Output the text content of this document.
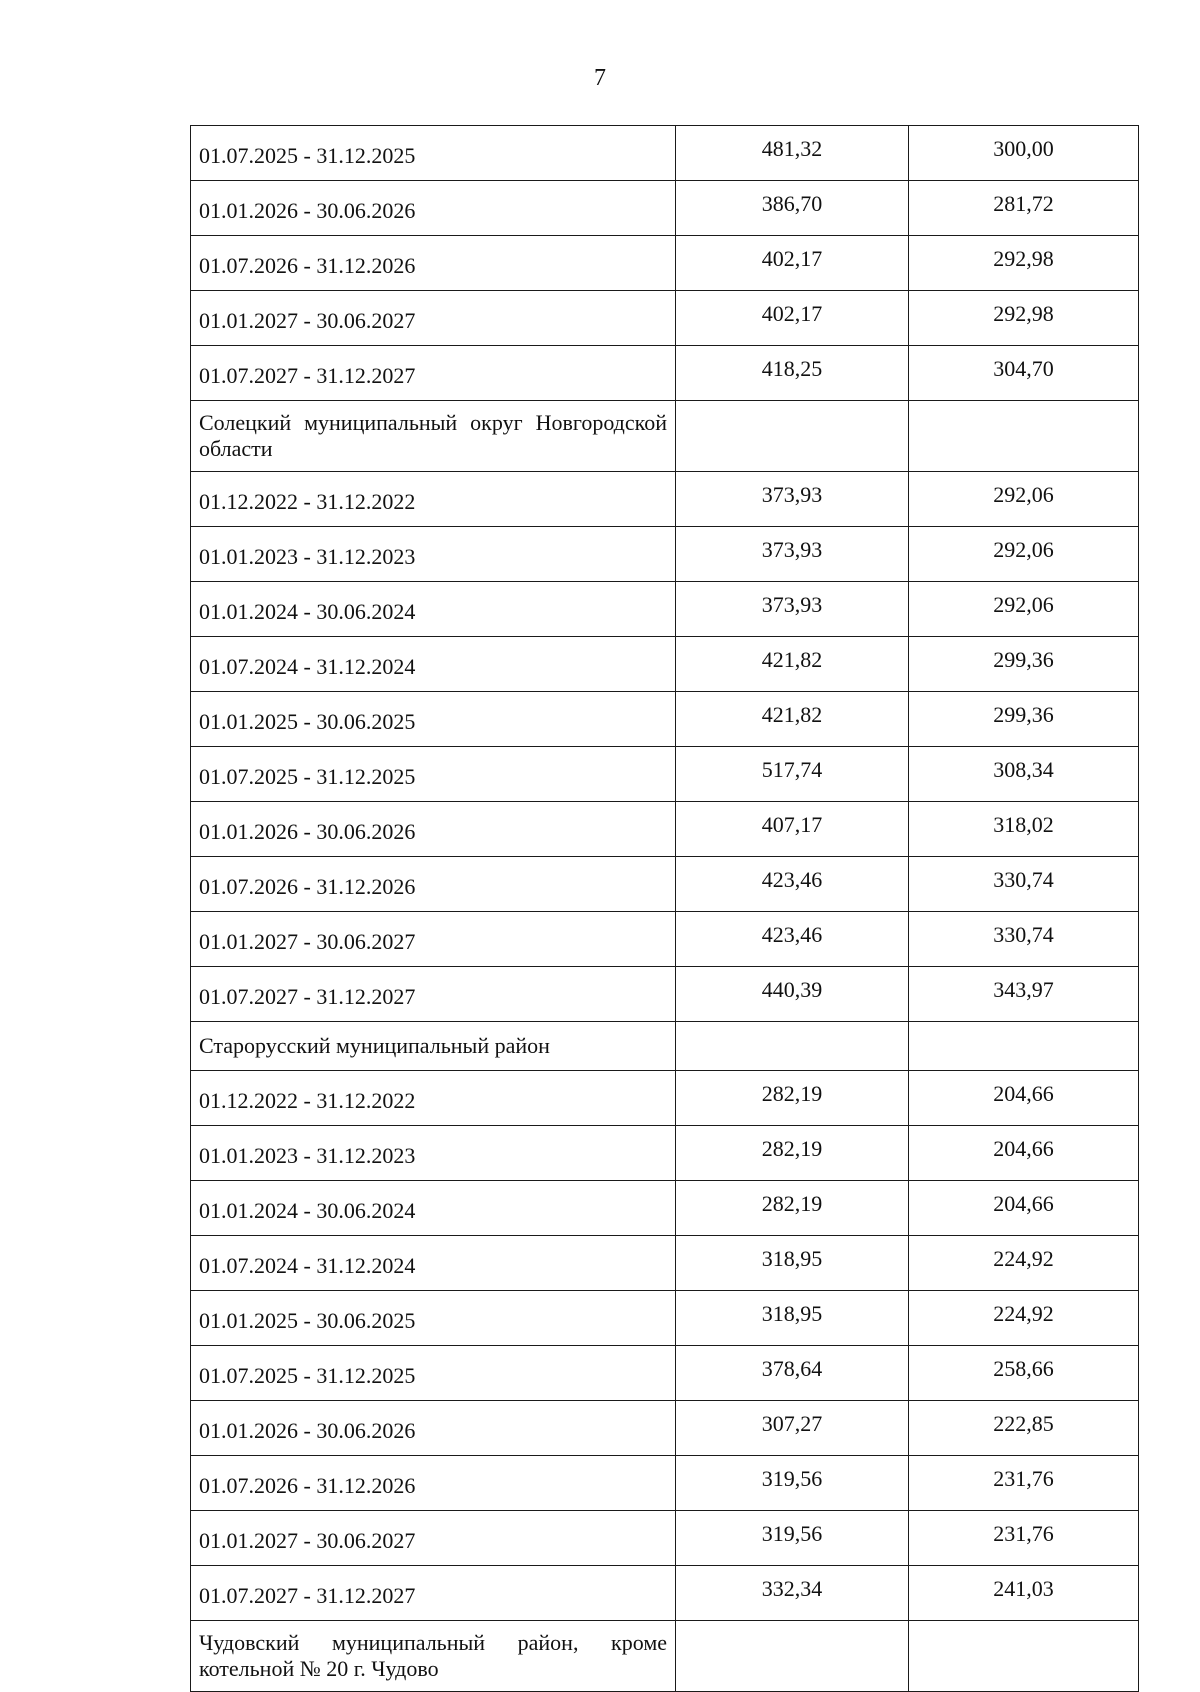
7
01.07.2025 - 31.12.2025	481,32	300,00
01.01.2026 - 30.06.2026	386,70	281,72
01.07.2026 - 31.12.2026	402,17	292,98
01.01.2027 - 30.06.2027	402,17	292,98
01.07.2027 - 31.12.2027	418,25	304,70
Солецкий муниципальный округ Новгородской области		
01.12.2022 - 31.12.2022	373,93	292,06
01.01.2023 - 31.12.2023	373,93	292,06
01.01.2024 - 30.06.2024	373,93	292,06
01.07.2024 - 31.12.2024	421,82	299,36
01.01.2025 - 30.06.2025	421,82	299,36
01.07.2025 - 31.12.2025	517,74	308,34
01.01.2026 - 30.06.2026	407,17	318,02
01.07.2026 - 31.12.2026	423,46	330,74
01.01.2027 - 30.06.2027	423,46	330,74
01.07.2027 - 31.12.2027	440,39	343,97
Старорусский муниципальный район		
01.12.2022 - 31.12.2022	282,19	204,66
01.01.2023 - 31.12.2023	282,19	204,66
01.01.2024 - 30.06.2024	282,19	204,66
01.07.2024 - 31.12.2024	318,95	224,92
01.01.2025 - 30.06.2025	318,95	224,92
01.07.2025 - 31.12.2025	378,64	258,66
01.01.2026 - 30.06.2026	307,27	222,85
01.07.2026 - 31.12.2026	319,56	231,76
01.01.2027 - 30.06.2027	319,56	231,76
01.07.2027 - 31.12.2027	332,34	241,03
Чудовский муниципальный район, кроме котельной № 20 г. Чудово		
